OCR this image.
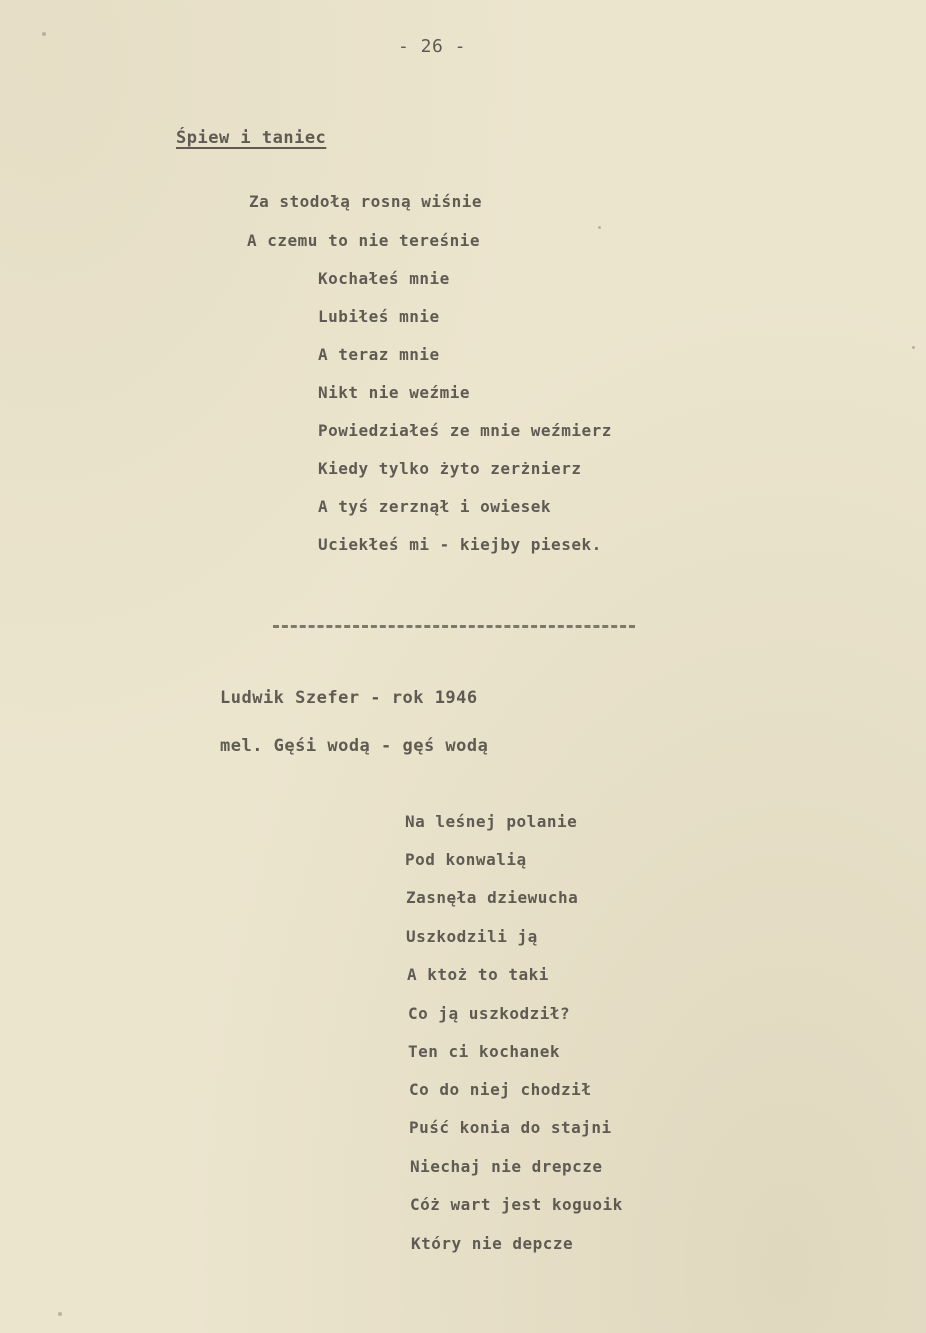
- 26 -
Śpiew i taniec
Za stodołą rosną wiśnie
A czemu to nie tereśnie
Kochałeś mnie
Lubiłeś mnie
A teraz mnie
Nikt nie weźmie
Powiedziałeś ze mnie weźmierz
Kiedy tylko żyto zerżnierz
A tyś zerznął i owiesek
Uciekłeś mi - kiejby piesek.
Ludwik Szefer - rok 1946
mel. Gęśi wodą - gęś wodą
Na leśnej polanie
Pod konwalią
Zasnęła dziewucha
Uszkodzili ją
A ktoż to taki
Co ją uszkodził?
Ten ci kochanek
Co do niej chodził
Puść konia do stajni
Niechaj nie drepcze
Cóż wart jest koguoik
Który nie depcze
